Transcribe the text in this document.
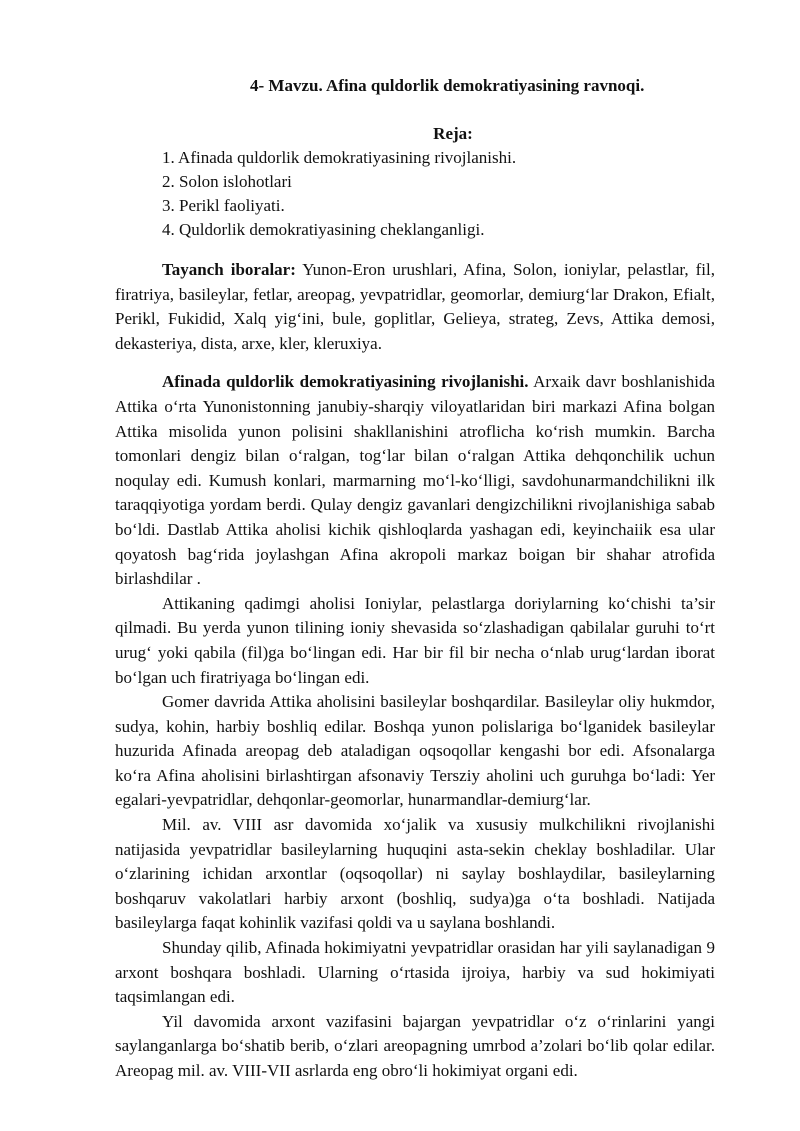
4- Mavzu. Afina quldorlik demokratiyasining ravnoqi.
Reja:
1. Afinada quldorlik demokratiyasining rivojlanishi.
2. Solon islohotlari
3. Perikl faoliyati.
4. Quldorlik demokratiyasining cheklanganligi.

Tayanch iboralar: Yunon-Eron urushlari, Afina, Solon, ioniylar, pelastlar, fil, firatriya, basileylar, fetlar, areopag, yevpatridlar, geomorlar, demiurg‘lar Drakon, Efialt, Perikl, Fukidid, Xalq yig‘ini, bule, goplitlar, Gelieya, strateg, Zevs, Attika demosi, dekasteriya, dista, arxe, kler, kleruxiya.

Afinada quldorlik demokratiyasining rivojlanishi. Arxaik davr boshlanishida Attika o‘rta Yunonistonning janubiy-sharqiy viloyatlaridan biri markazi Afina bolgan Attika misolida yunon polisini shakllanishini atroflicha ko‘rish mumkin. Barcha tomonlari dengiz bilan o‘ralgan, tog‘lar bilan o‘ralgan Attika dehqonchilik uchun noqulay edi. Kumush konlari, marmarning mo‘l-ko‘lligi, savdohunarmandchilikni ilk taraqqiyotiga yordam berdi. Qulay dengiz gavanlari dengizchilikni rivojlanishiga sabab bo‘ldi. Dastlab Attika aholisi kichik qishloqlarda yashagan edi, keyinchaiik esa ular qoyatosh bag‘rida joylashgan Afina akropoli markaz boigan bir shahar atrofida birlashdilar .

Attikaning qadimgi aholisi Ioniylar, pelastlarga doriylarning ko‘chishi ta’sir qilmadi. Bu yerda yunon tilining ioniy shevasida so‘zlashadigan qabilalar guruhi to‘rt urug‘ yoki qabila (fil)ga bo‘lingan edi. Har bir fil bir necha o‘nlab urug‘lardan iborat bo‘lgan uch firatriyaga bo‘lingan edi.

Gomer davrida Attika aholisini basileylar boshqardilar. Basileylar oliy hukmdor, sudya, kohin, harbiy boshliq edilar. Boshqa yunon polislariga bo‘lganidek basileylar huzurida Afinada areopag deb ataladigan oqsoqollar kengashi bor edi. Afsonalarga ko‘ra Afina aholisini birlashtirgan afsonaviy Tersziy aholini uch guruhga bo‘ladi: Yer egalari-yevpatridlar, dehqonlar-geomorlar, hunarmandlar-demiurg‘lar.

Mil. av. VIII asr davomida xo‘jalik va xususiy mulkchilikni rivojlanishi natijasida yevpatridlar basileylarning huquqini asta-sekin cheklay boshladilar. Ular o‘zlarining ichidan arxontlar (oqsoqollar) ni saylay boshlaydilar, basileylarning boshqaruv vakolatlari harbiy arxont (boshliq, sudya)ga o‘ta boshladi. Natijada basileylarga faqat kohinlik vazifasi qoldi va u saylana boshlandi.

Shunday qilib, Afinada hokimiyatni yevpatridlar orasidan har yili saylanadigan 9 arxont boshqara boshladi. Ularning o‘rtasida ijroiya, harbiy va sud hokimiyati taqsimlangan edi.

Yil davomida arxont vazifasini bajargan yevpatridlar o‘z o‘rinlarini yangi saylanganlarga bo‘shatib berib, o‘zlari areopagning umrbod a’zolari bo‘lib qolar edilar. Areopag mil. av. VIII-VII asrlarda eng obro‘li hokimiyat organi edi.
